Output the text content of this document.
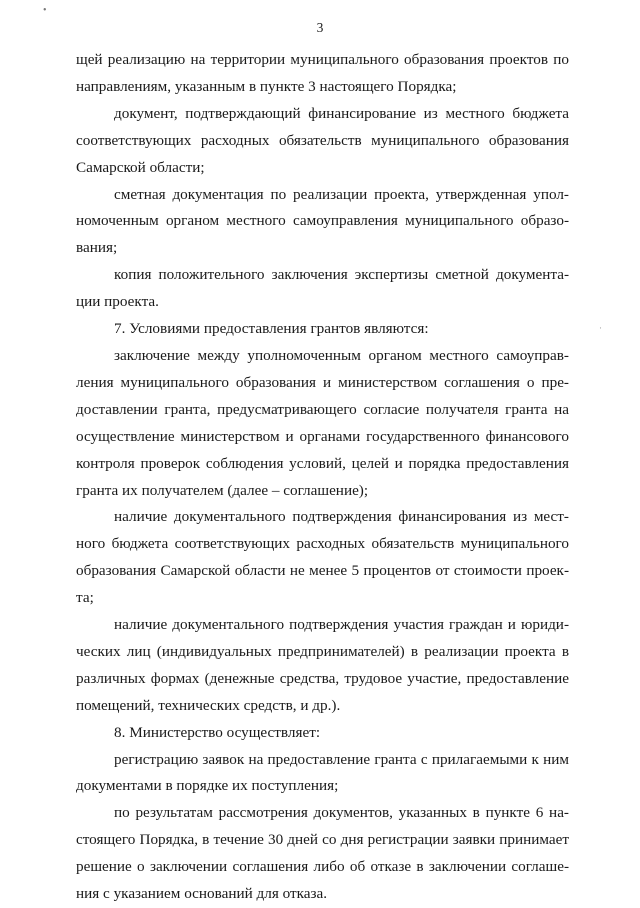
•
3

щей реализацию на территории муниципального образования проектов по

направлениям, указанным в пункте 3 настоящего Порядка;

документ, подтверждающий финансирование из местного бюджета

соответствующих расходных обязательств муниципального образования

Самарской области;

сметная документация по реализации проекта, утвержденная упол-

номоченным органом местного самоуправления муниципального образо-

вания;

копия положительного заключения экспертизы сметной документа-

ции проекта.

7. Условиями предоставления грантов являются:

заключение между уполномоченным органом местного самоуправ-

ления муниципального образования и министерством соглашения о пре-

доставлении гранта, предусматривающего согласие получателя гранта на

осуществление министерством и органами государственного финансового

контроля проверок соблюдения условий, целей и порядка предоставления

гранта их получателем (далее – соглашение);

наличие документального подтверждения финансирования из мест-

ного бюджета соответствующих расходных обязательств муниципального

образования Самарской области не менее 5 процентов от стоимости проек-

та;

наличие документального подтверждения участия граждан и юриди-

ческих лиц (индивидуальных предпринимателей) в реализации проекта в

различных формах (денежные средства, трудовое участие, предоставление

помещений, технических средств, и др.).

8. Министерство осуществляет:

регистрацию заявок на предоставление гранта с прилагаемыми к ним

документами в порядке их поступления;

по результатам рассмотрения документов, указанных в пункте 6 на-

стоящего Порядка, в течение 30 дней со дня регистрации заявки принимает

решение о заключении соглашения либо об отказе в заключении соглаше-

ния с указанием оснований для отказа.

·
